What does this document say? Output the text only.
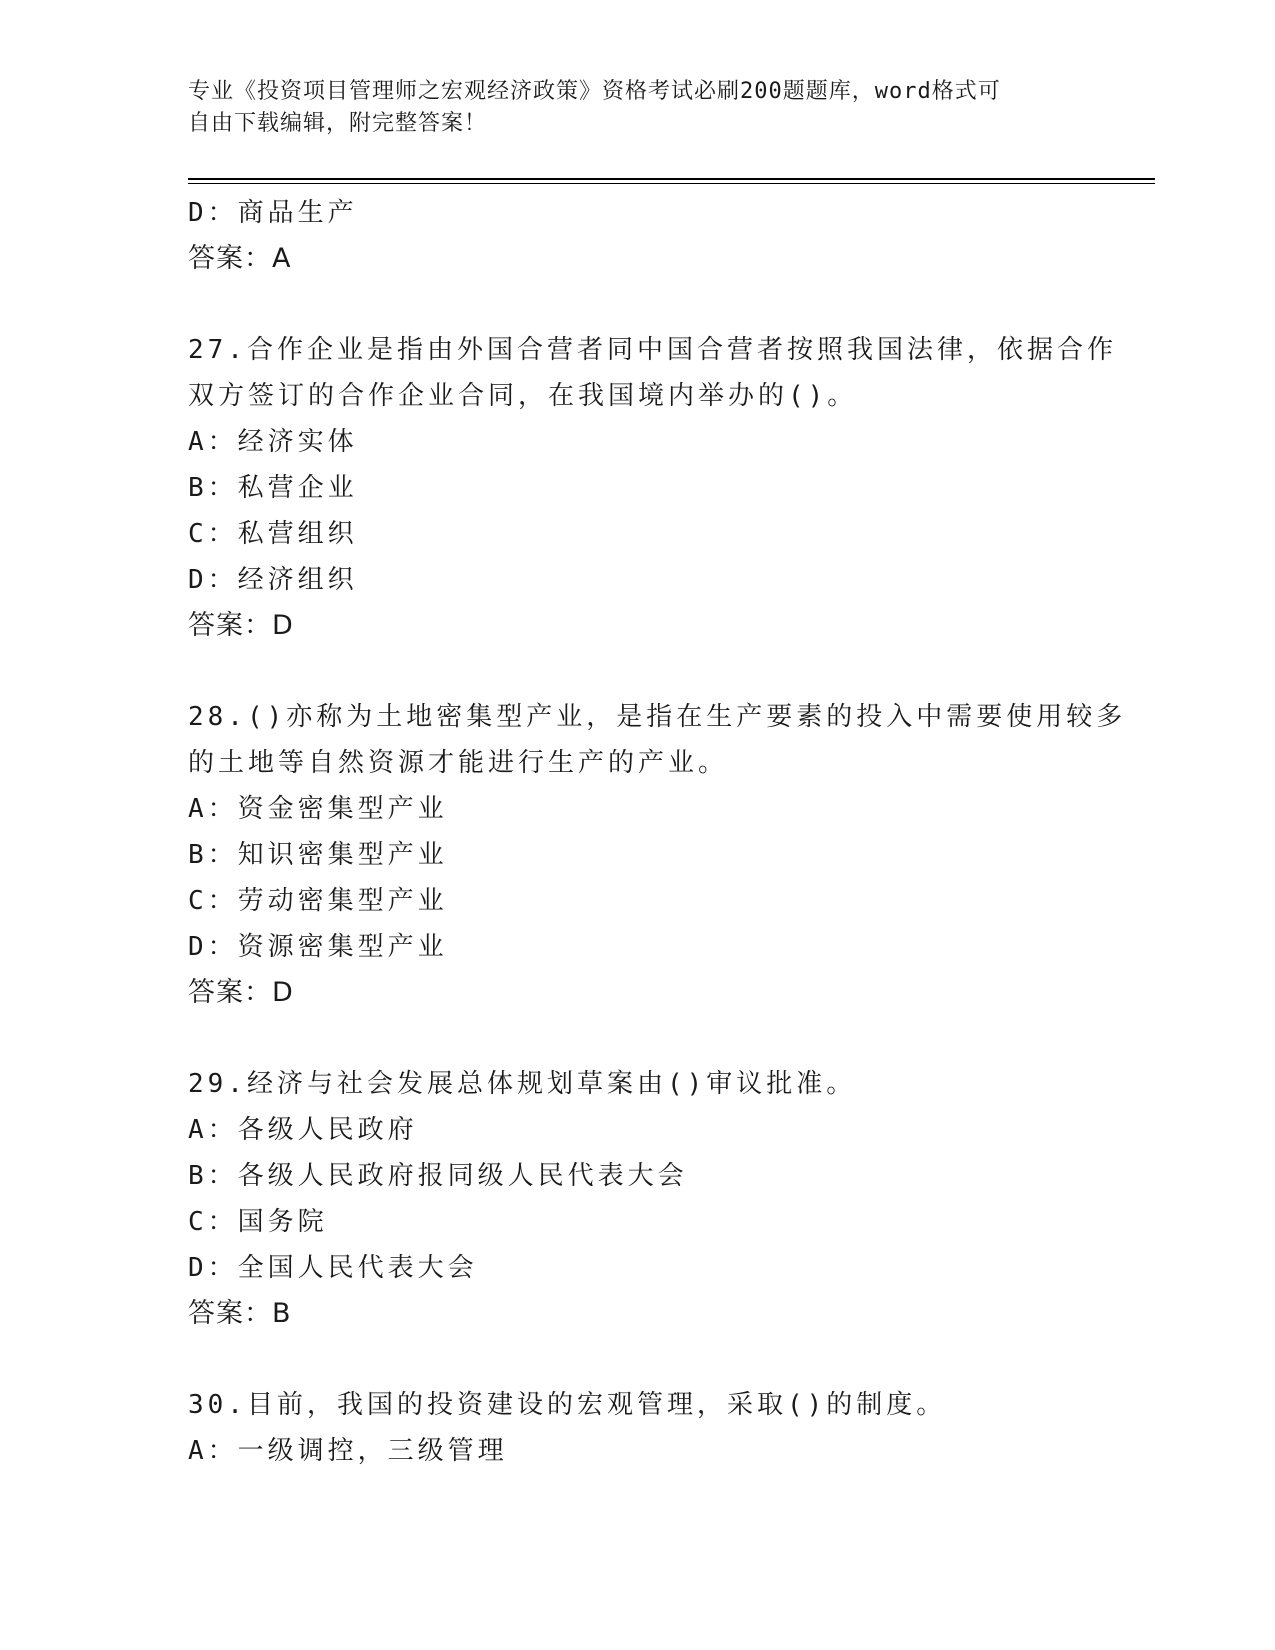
专业《投资项目管理师之宏观经济政策》资格考试必刷200题题库，word格式可
自由下载编辑，附完整答案！
D：商品生产
答案：A
27.合作企业是指由外国合营者同中国合营者按照我国法律，依据合作
双方签订的合作企业合同，在我国境内举办的()。
A：经济实体
B：私营企业
C：私营组织
D：经济组织
答案：D
28.()亦称为土地密集型产业，是指在生产要素的投入中需要使用较多
的土地等自然资源才能进行生产的产业。
A：资金密集型产业
B：知识密集型产业
C：劳动密集型产业
D：资源密集型产业
答案：D
29.经济与社会发展总体规划草案由()审议批准。
A：各级人民政府
B：各级人民政府报同级人民代表大会
C：国务院
D：全国人民代表大会
答案：B
30.目前，我国的投资建设的宏观管理，采取()的制度。
A：一级调控，三级管理
